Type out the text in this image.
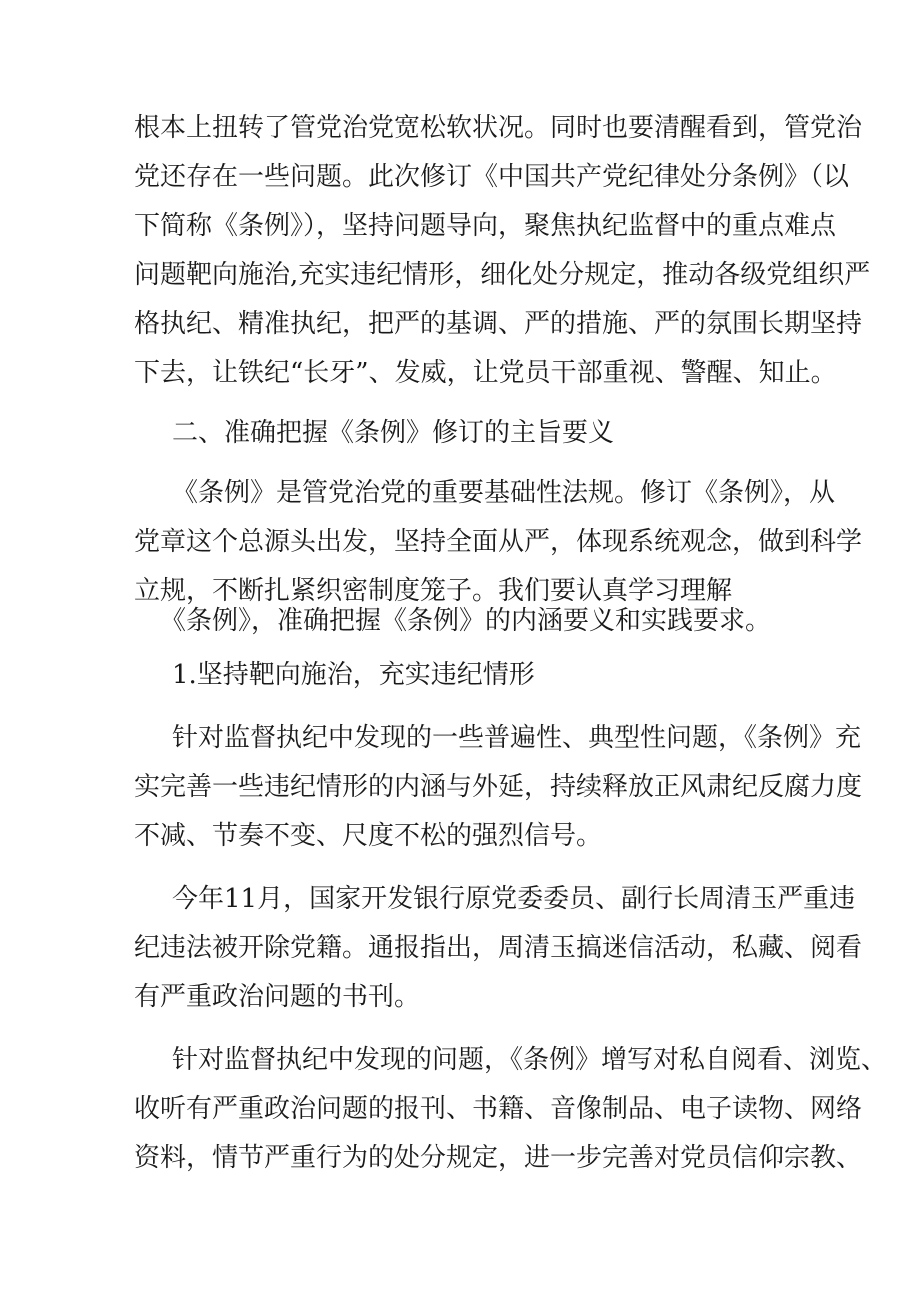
根本上扭转了管党治党宽松软状况。同时也要清醒看到，管党治
党还存在一些问题。此次修订《中国共产党纪律处分条例》（以
下简称《条例》），坚持问题导向，聚焦执纪监督中的重点难点
问题靶向施治,充实违纪情形，细化处分规定，推动各级党组织严
格执纪、精准执纪，把严的基调、严的措施、严的氛围长期坚持
下去，让铁纪“长牙”、发威，让党员干部重视、警醒、知止。
二、准确把握《条例》修订的主旨要义
《条例》是管党治党的重要基础性法规。修订《条例》，从
党章这个总源头出发，坚持全面从严，体现系统观念，做到科学
立规，不断扎紧织密制度笼子。我们要认真学习理解
《条例》，准确把握《条例》的内涵要义和实践要求。
1.坚持靶向施治，充实违纪情形
针对监督执纪中发现的一些普遍性、典型性问题，《条例》充
实完善一些违纪情形的内涵与外延，持续释放正风肃纪反腐力度
不减、节奏不变、尺度不松的强烈信号。
今年11月，国家开发银行原党委委员、副行长周清玉严重违
纪违法被开除党籍。通报指出，周清玉搞迷信活动，私藏、阅看
有严重政治问题的书刊。
针对监督执纪中发现的问题，《条例》增写对私自阅看、浏览、
收听有严重政治问题的报刊、书籍、音像制品、电子读物、网络
资料，情节严重行为的处分规定，进一步完善对党员信仰宗教、
